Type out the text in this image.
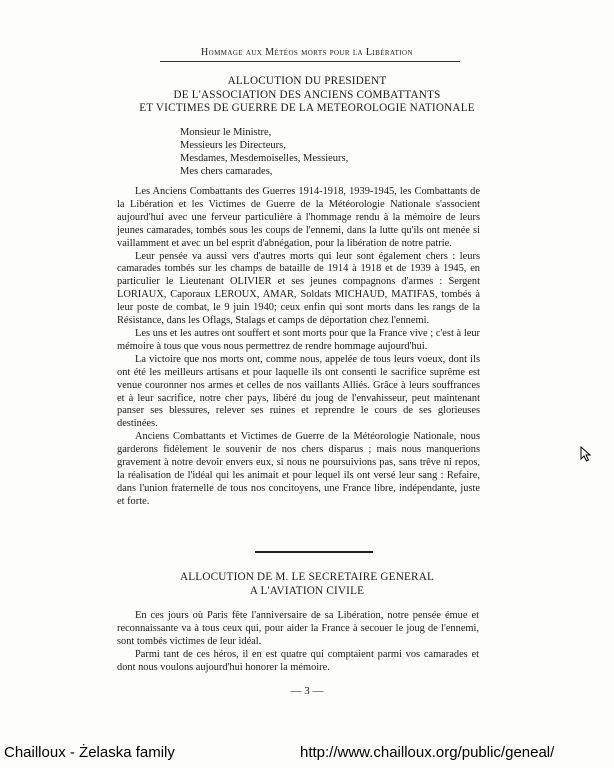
Hommage aux Météos morts pour la Libération
ALLOCUTION DU PRESIDENT
DE L'ASSOCIATION DES ANCIENS COMBATTANTS
ET VICTIMES DE GUERRE DE LA METEOROLOGIE NATIONALE
Monsieur le Ministre,
Messieurs les Directeurs,
Mesdames, Mesdemoiselles, Messieurs,
Mes chers camarades,

Les Anciens Combattants des Guerres 1914-1918, 1939-1945, les Combattants de la Libération et les Victimes de Guerre de la Météorologie Nationale s'associent aujourd'hui avec une ferveur particulière à l'hommage rendu à la mémoire de leurs jeunes camarades, tombés sous les coups de l'ennemi, dans la lutte qu'ils ont menée si vaillamment et avec un bel esprit d'abnégation, pour la libération de notre patrie.

Leur pensée va aussi vers d'autres morts qui leur sont également chers : leurs camarades tombés sur les champs de bataille de 1914 à 1918 et de 1939 à 1945, en particulier le Lieutenant OLIVIER et ses jeunes compagnons d'armes : Sergent LORIAUX, Caporaux LEROUX, AMAR, Soldats MICHAUD, MATIFAS, tombés à leur poste de combat, le 9 juin 1940; ceux enfin qui sont morts dans les rangs de la Résistance, dans les Oflags, Stalags et camps de déportation chez l'ennemi.

Les uns et les autres ont souffert et sont morts pour que la France vive ; c'est à leur mémoire à tous que vous nous permettrez de rendre hommage aujourd'hui.

La victoire que nos morts ont, comme nous, appelée de tous leurs voeux, dont ils ont été les meilleurs artisans et pour laquelle ils ont consenti le sacrifice suprême est venue couronner nos armes et celles de nos vaillants Alliés. Grâce à leurs souffrances et à leur sacrifice, notre cher pays, libéré du joug de l'envahisseur, peut maintenant panser ses blessures, relever ses ruines et reprendre le cours de ses glorieuses destinées.

Anciens Combattants et Victimes de Guerre de la Météorologie Nationale, nous garderons fidèlement le souvenir de nos chers disparus ; mais nous manquerions gravement à notre devoir envers eux, si nous ne poursuivions pas, sans trêve ni repos, la réalisation de l'idéal qui les animait et pour lequel ils ont versé leur sang : Refaire, dans l'union fraternelle de tous nos concitoyens, une France libre, indépendante, juste et forte.

ALLOCUTION DE M. LE SECRETAIRE GENERAL
A L'AVIATION CIVILE

En ces jours où Paris fête l'anniversaire de sa Libération, notre pensée émue et reconnaissante va à tous ceux qui, pour aider la France à secouer le joug de l'ennemi, sont tombés victimes de leur idéal.

Parmi tant de ces héros, il en est quatre qui comptaient parmi vos camarades et dont nous voulons aujourd'hui honorer la mémoire.

— 3 —
Chailloux - Żelaska family	http://www.chailloux.org/public/geneal/
